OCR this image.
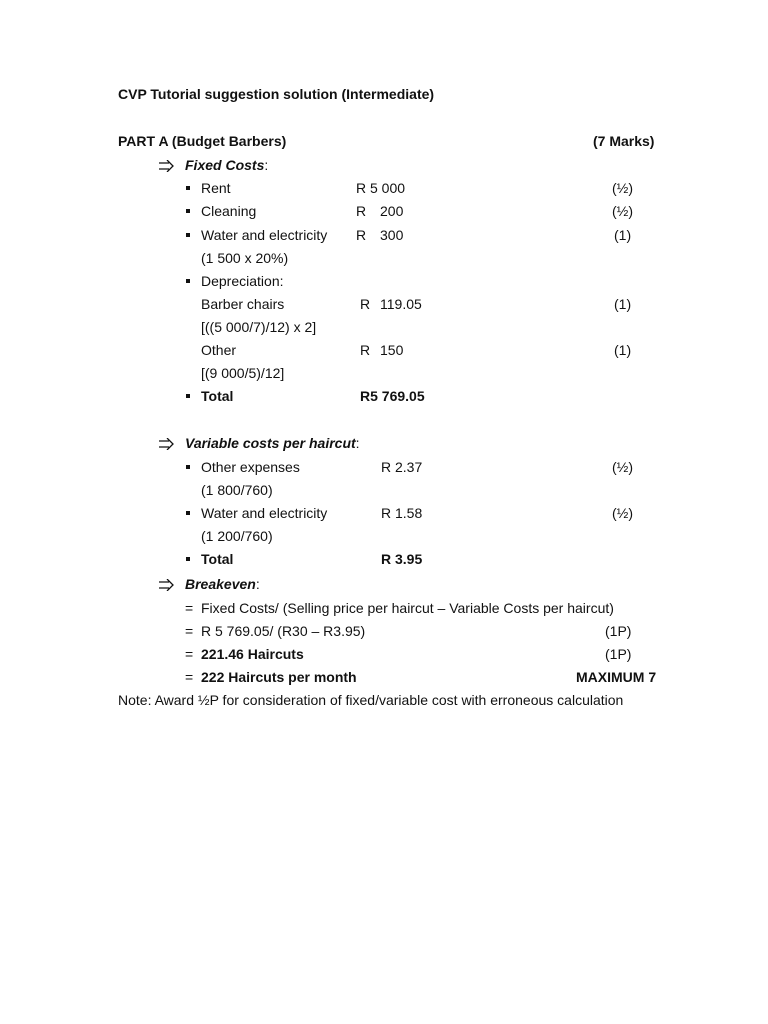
CVP Tutorial suggestion solution (Intermediate)
PART A (Budget Barbers)	(7 Marks)
Fixed Costs:
Rent	R 5 000	(½)
Cleaning	R 200	(½)
Water and electricity R 300	(1)
(1 500 x 20%)
Depreciation:
Barber chairs	R 119.05	(1)
[((5 000/7)/12) x 2]
Other	R 150	(1)
[(9 000/5)/12]
Total	R5 769.05
Variable costs per haircut:
Other expenses	R 2.37	(½)
(1 800/760)
Water and electricity	R 1.58	(½)
(1 200/760)
Total	R 3.95
Breakeven:
= Fixed Costs/ (Selling price per haircut – Variable Costs per haircut)
= R 5 769.05/ (R30 – R3.95)	(1P)
= 221.46 Haircuts	(1P)
= 222 Haircuts per month	MAXIMUM 7
Note: Award ½P for consideration of fixed/variable cost with erroneous calculation
